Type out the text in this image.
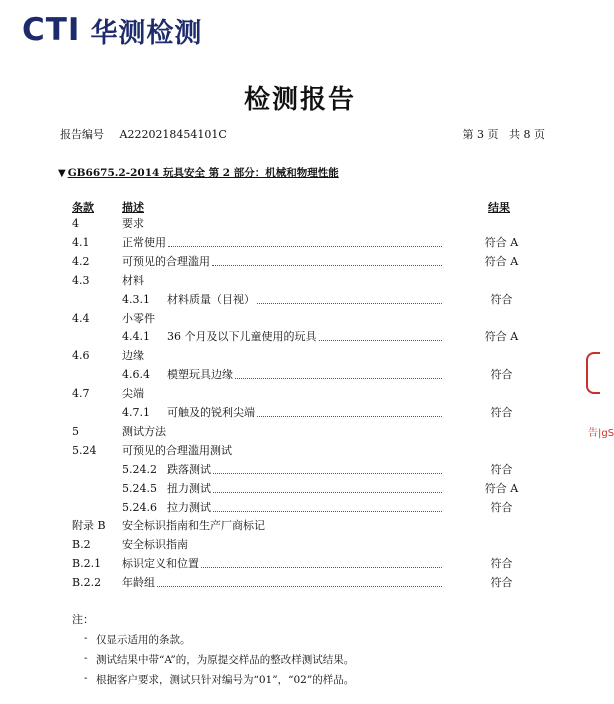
CTI 华测检测
检测报告
报告编号 A2220218454101C	第 3 页   共 8 页
▼ GB6675.2-2014 玩具安全 第 2 部分：机械和物理性能
条款	描述	结果
4	要求
4.1	正常使用	符合 A
4.2	可预见的合理滥用	符合 A
4.3	材料
4.3.1 材料质量（目视）	符合
4.4	小零件
4.4.1 36 个月及以下儿童使用的玩具	符合 A
4.6	边缘
4.6.4 模塑玩具边缘	符合
4.7	尖端
4.7.1 可触及的锐利尖端	符合
5	测试方法
5.24 可预见的合理滥用测试
5.24.2 跌落测试	符合
5.24.5 扭力测试	符合 A
5.24.6 拉力测试	符合
附录 B 安全标识指南和生产厂商标记
B.2	安全标识指南
B.2.1 标识定义和位置	符合
B.2.2 年龄组	符合
注：
- 仅显示适用的条款。
- 测试结果中带“A”的，为原提交样品的整改样测试结果。
- 根据客户要求，测试只针对编号为“01”，“02”的样品。
告|gS
